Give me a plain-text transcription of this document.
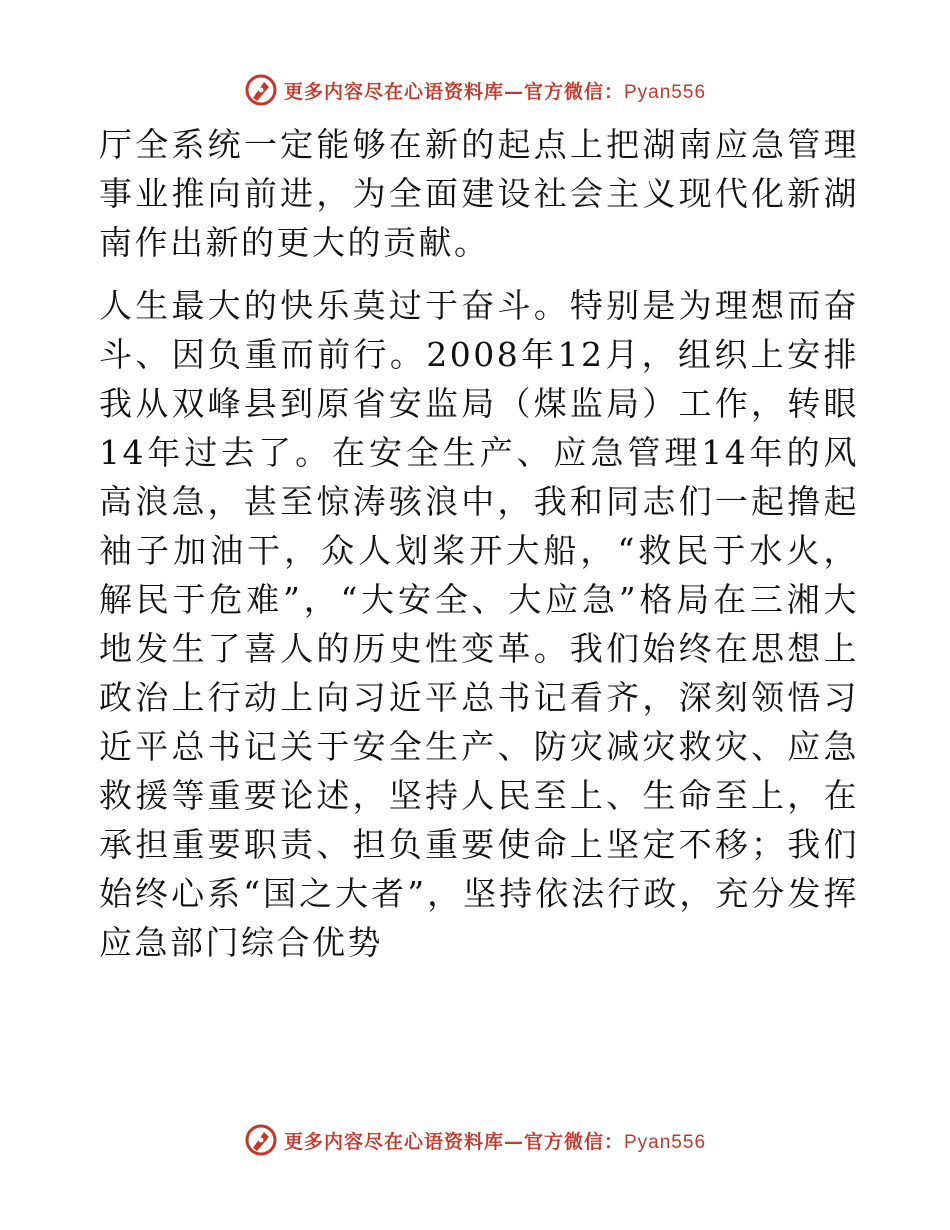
更多内容尽在心语资料库—官方微信：Pyan556

厅全系统一定能够在新的起点上把湖南应急管理事业推向前进，为全面建设社会主义现代化新湖南作出新的更大的贡献。

人生最大的快乐莫过于奋斗。特别是为理想而奋斗、因负重而前行。2008年12月，组织上安排我从双峰县到原省安监局（煤监局）工作，转眼14年过去了。在安全生产、应急管理14年的风高浪急，甚至惊涛骇浪中，我和同志们一起撸起袖子加油干，众人划桨开大船，“救民于水火，解民于危难”，“大安全、大应急”格局在三湘大地发生了喜人的历史性变革。我们始终在思想上政治上行动上向习近平总书记看齐，深刻领悟习近平总书记关于安全生产、防灾减灾救灾、应急救援等重要论述，坚持人民至上、生命至上，在承担重要职责、担负重要使命上坚定不移；我们始终心系“国之大者”，坚持依法行政，充分发挥应急部门综合优势

更多内容尽在心语资料库—官方微信：Pyan556
